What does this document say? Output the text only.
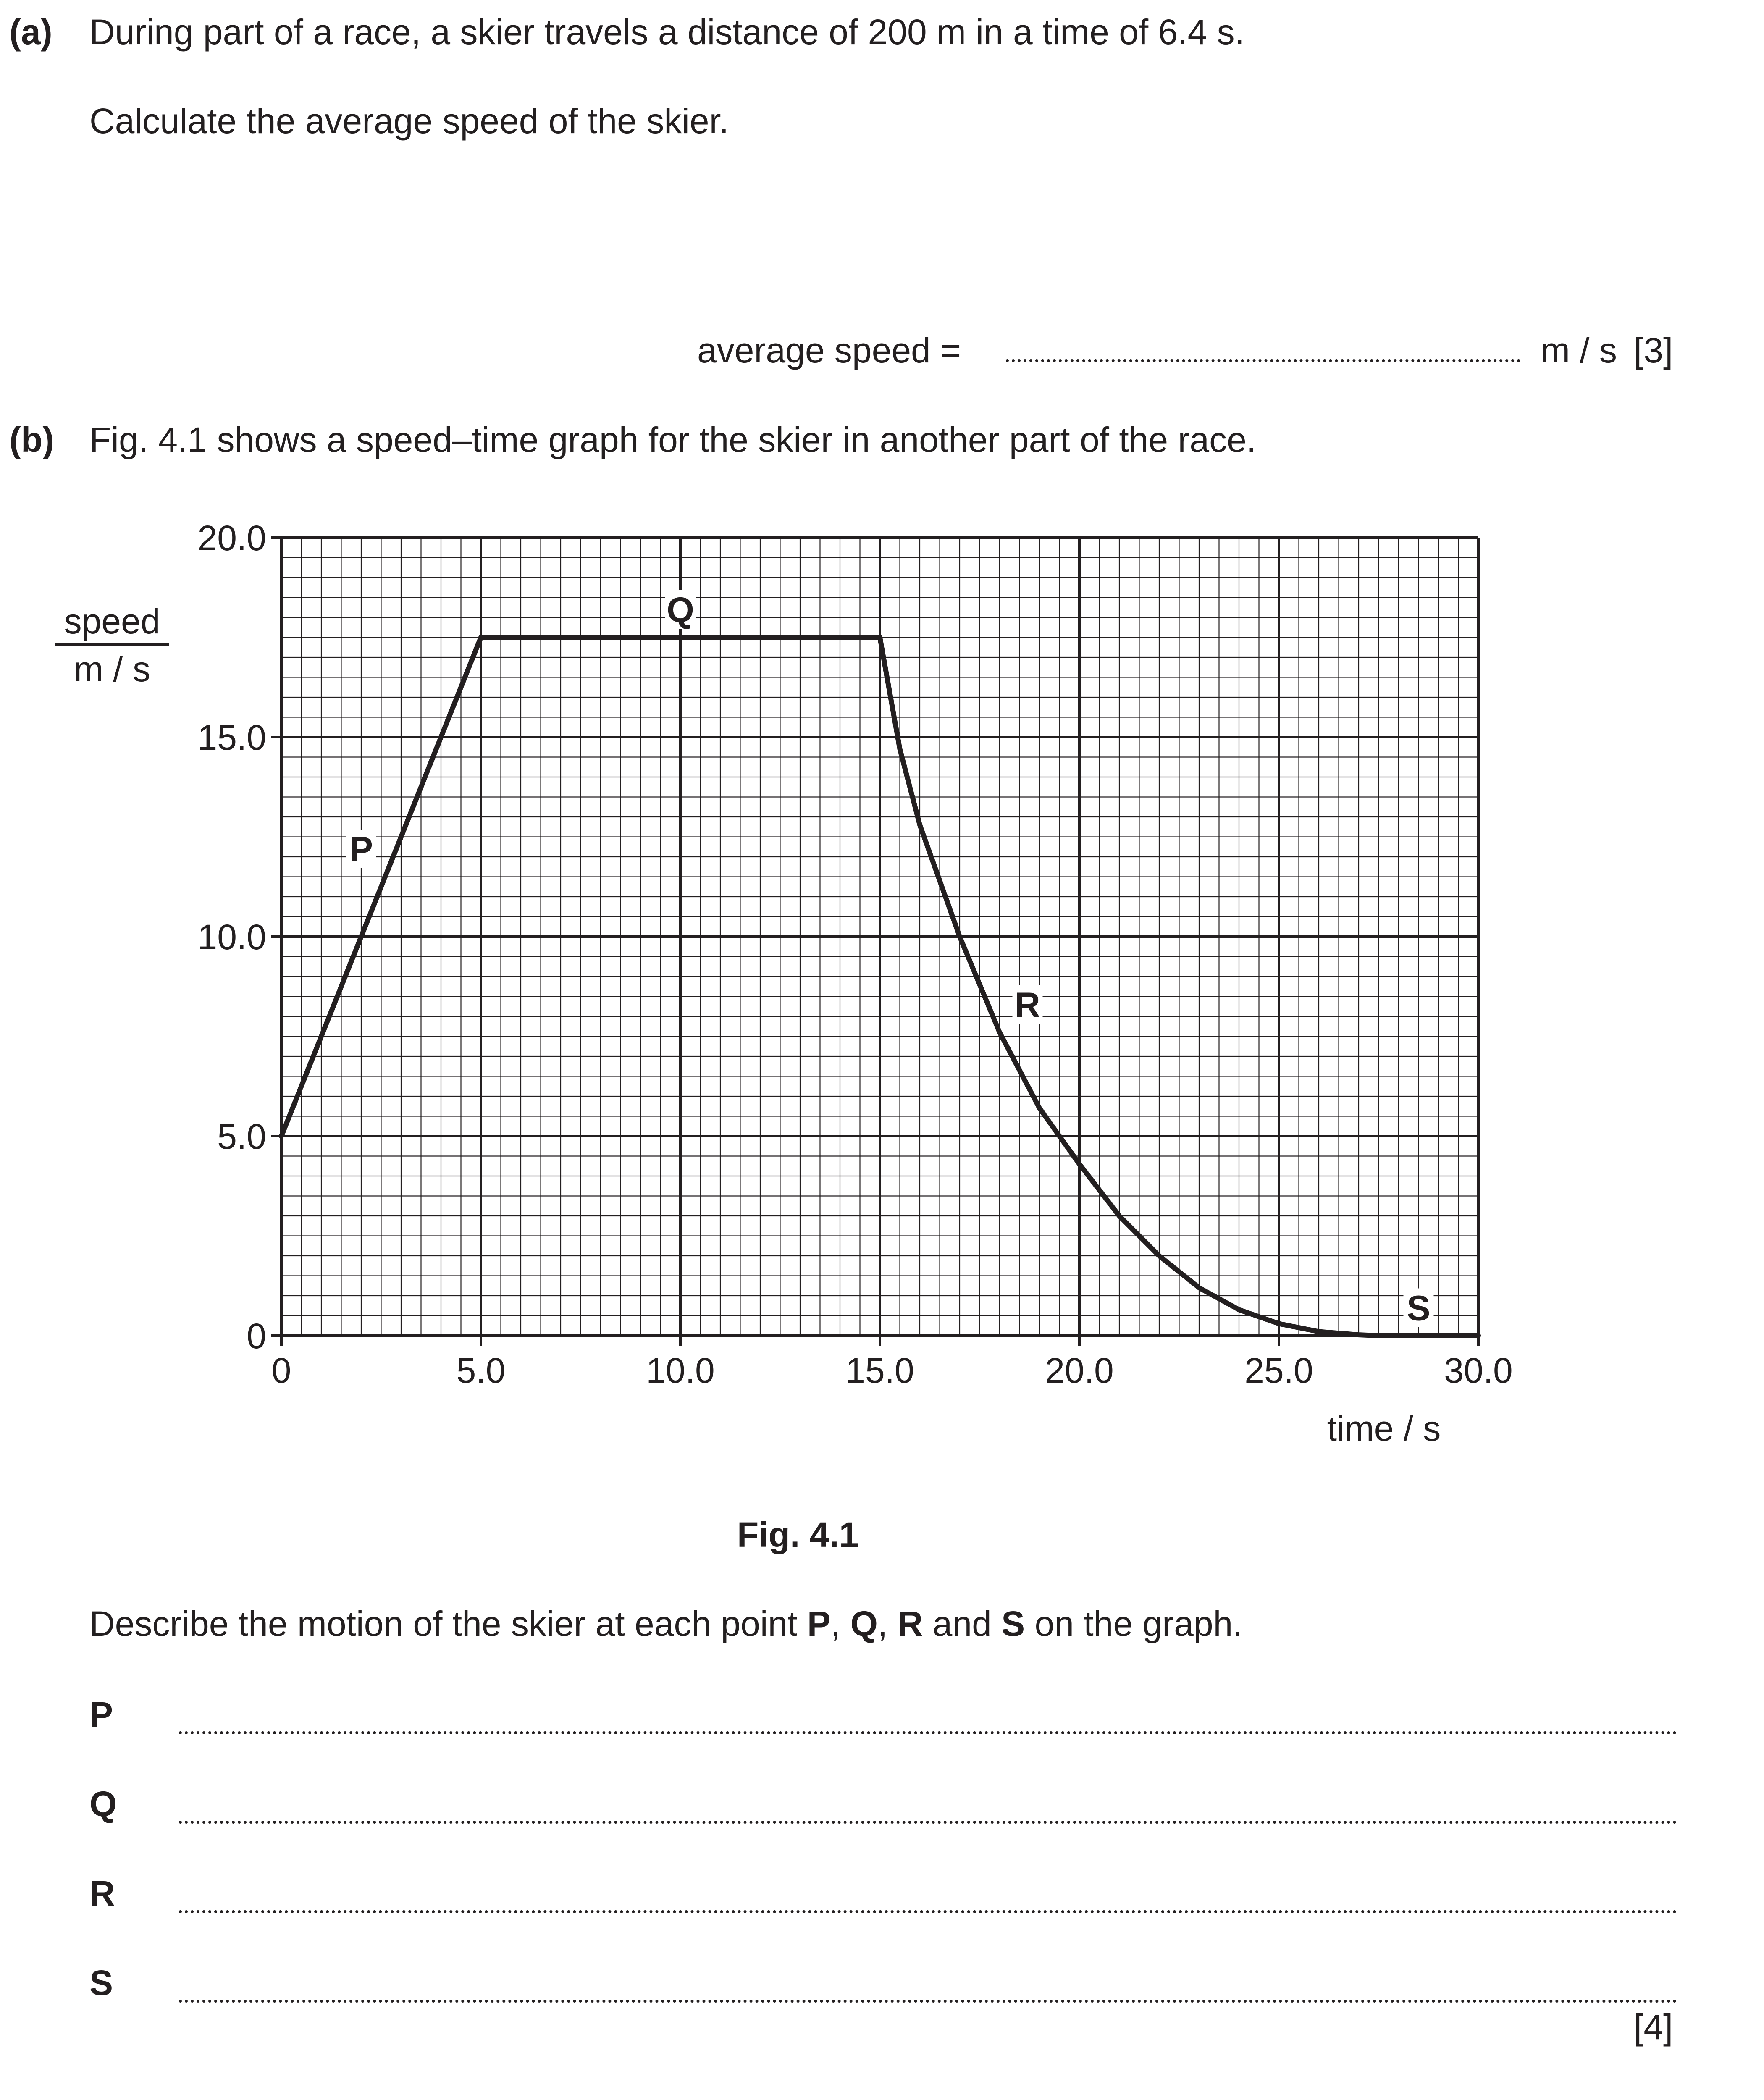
(a) During part of a race, a skier travels a distance of 200 m in a time of 6.4 s.
Calculate the average speed of the skier.
average speed =	m / s [3]
(b) Fig. 4.1 shows a speed–time graph for the skier in another part of the race.
0
5.0
10.0
15.0
20.0
0	5.0	10.0	15.0	20.0	25.0	30.0
speed
m / s
time / s
P
Q
R
S
Fig. 4.1
Describe the motion of the skier at each point P, Q, R and S on the graph.
P
Q
R
S
[4]
